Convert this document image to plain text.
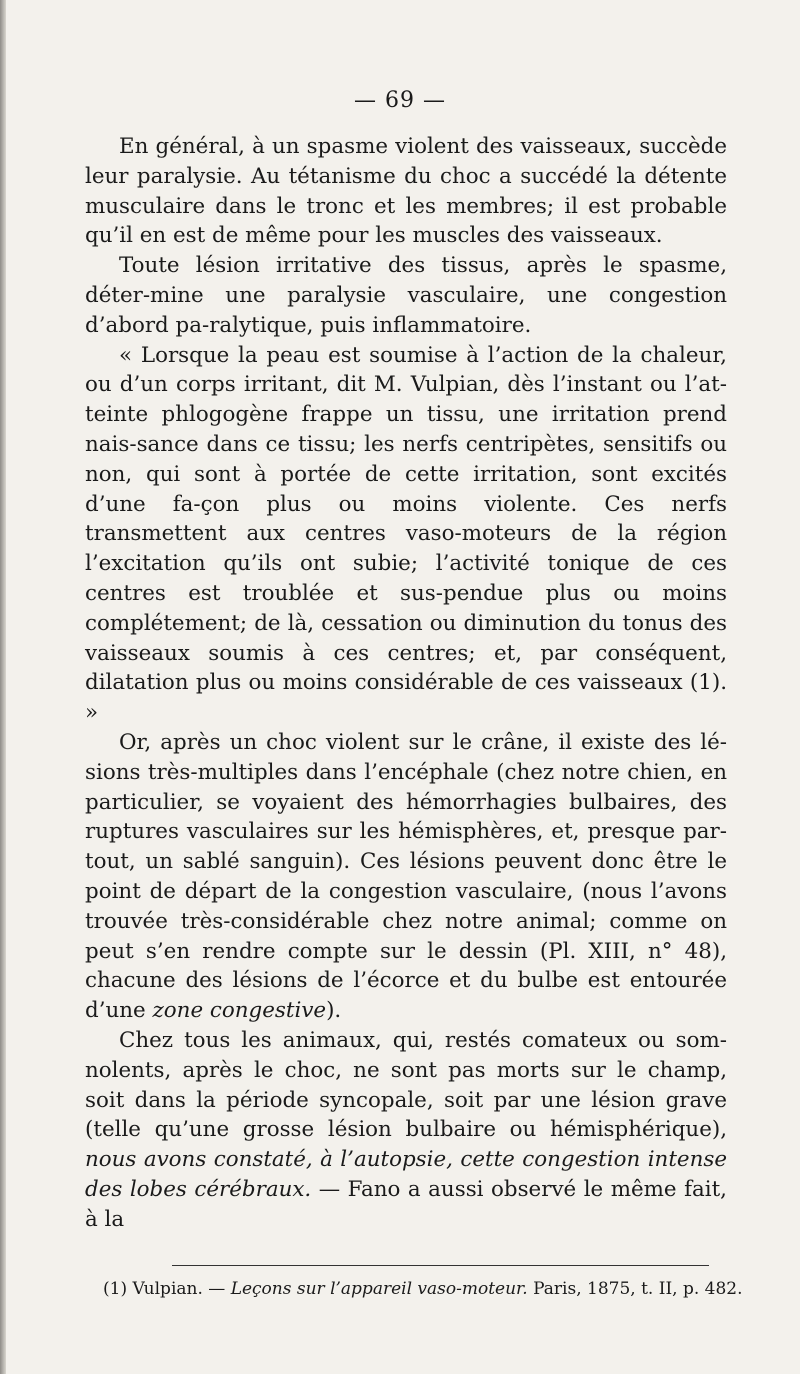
— 69 —

En général, à un spasme violent des vaisseaux, succède leur paralysie. Au tétanisme du choc a succédé la détente musculaire dans le tronc et les membres; il est probable qu’il en est de même pour les muscles des vaisseaux.

Toute lésion irritative des tissus, après le spasme, déter-mine une paralysie vasculaire, une congestion d’abord pa-ralytique, puis inflammatoire.

« Lorsque la peau est soumise à l’action de la chaleur, ou d’un corps irritant, dit M. Vulpian, dès l’instant ou l’at-teinte phlogogène frappe un tissu, une irritation prend nais-sance dans ce tissu; les nerfs centripètes, sensitifs ou non, qui sont à portée de cette irritation, sont excités d’une fa-çon plus ou moins violente. Ces nerfs transmettent aux centres vaso-moteurs de la région l’excitation qu’ils ont subie; l’activité tonique de ces centres est troublée et sus-pendue plus ou moins complétement; de là, cessation ou diminution du tonus des vaisseaux soumis à ces centres; et, par conséquent, dilatation plus ou moins considérable de ces vaisseaux (1). »

Or, après un choc violent sur le crâne, il existe des lé-sions très-multiples dans l’encéphale (chez notre chien, en particulier, se voyaient des hémorrhagies bulbaires, des ruptures vasculaires sur les hémisphères, et, presque par-tout, un sablé sanguin). Ces lésions peuvent donc être le point de départ de la congestion vasculaire, (nous l’avons trouvée très-considérable chez notre animal; comme on peut s’en rendre compte sur le dessin (Pl. XIII, n° 48), chacune des lésions de l’écorce et du bulbe est entourée d’une zone congestive).

Chez tous les animaux, qui, restés comateux ou som-nolents, après le choc, ne sont pas morts sur le champ, soit dans la période syncopale, soit par une lésion grave (telle qu’une grosse lésion bulbaire ou hémisphérique), nous avons constaté, à l’autopsie, cette congestion intense des lobes cérébraux. — Fano a aussi observé le même fait, à la

(1) Vulpian. — Leçons sur l’appareil vaso-moteur. Paris, 1875, t. II, p. 482.
